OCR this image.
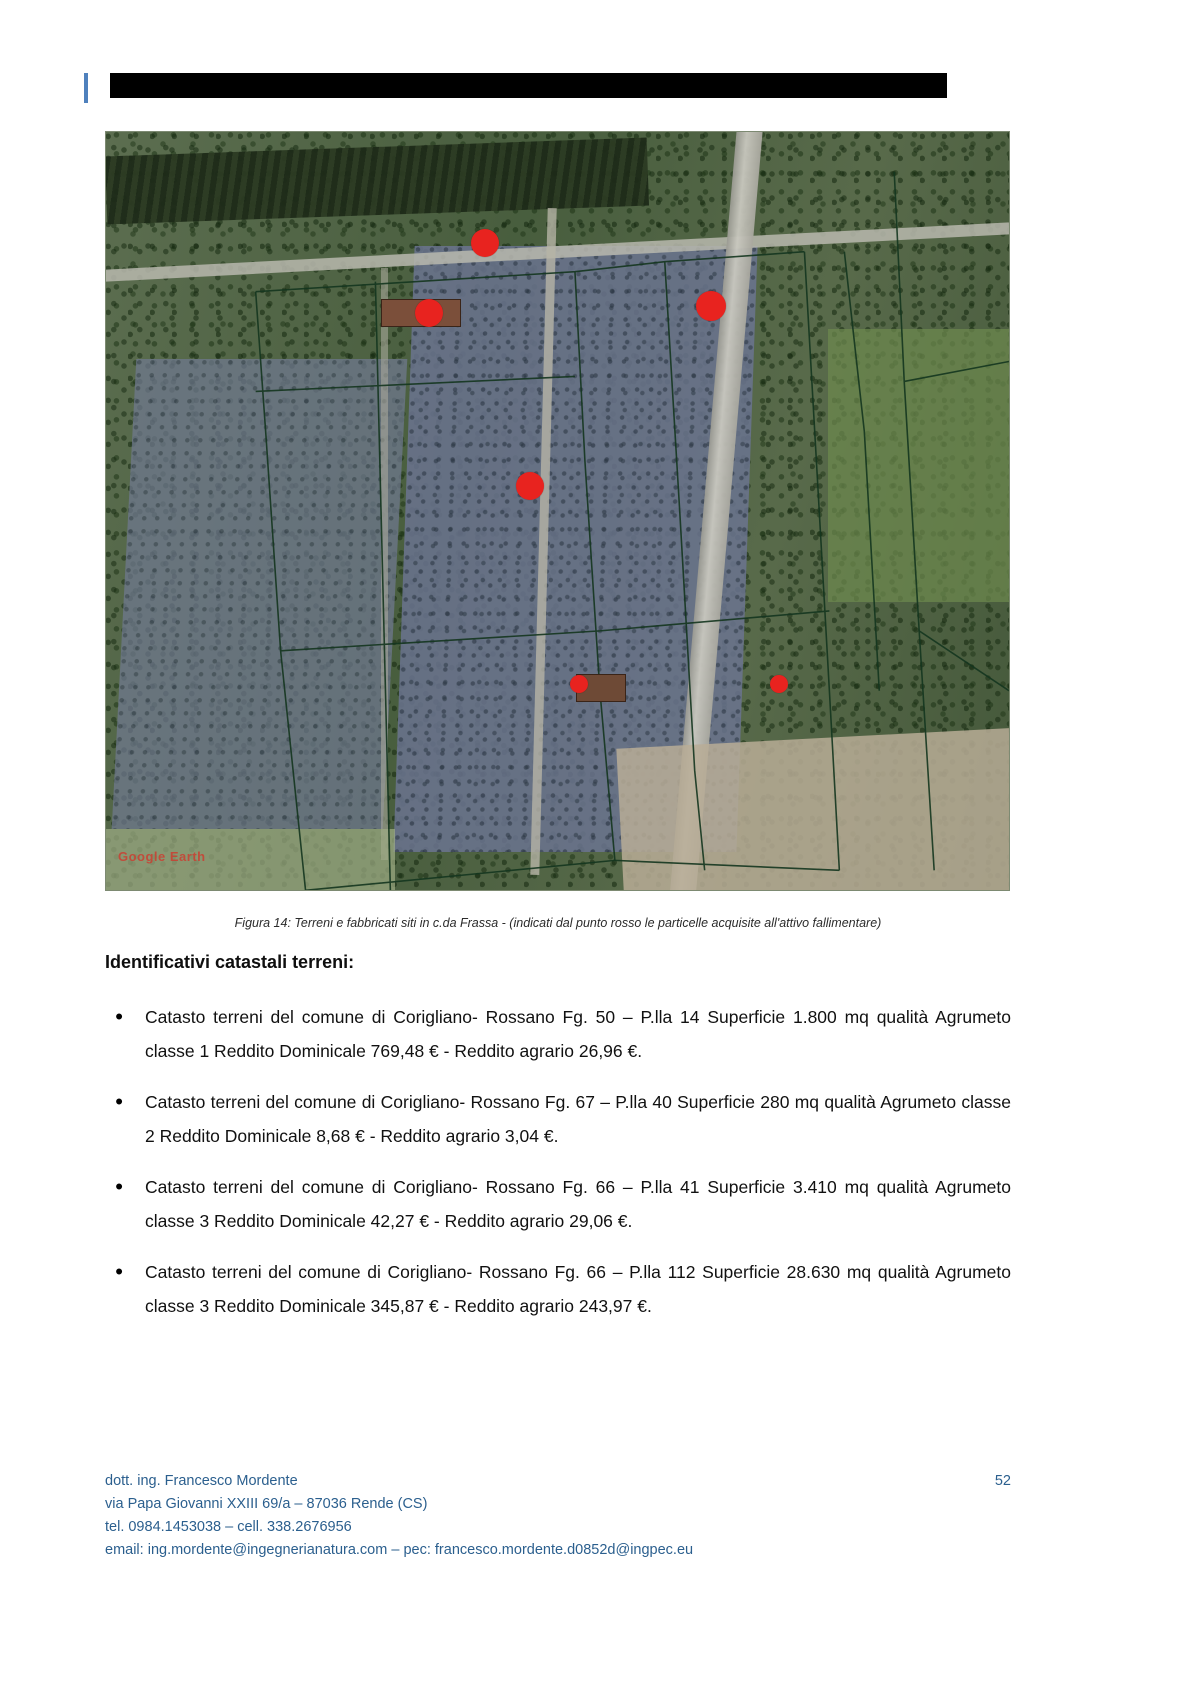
Google Earth
Figura 14: Terreni e fabbricati siti in c.da Frassa - (indicati dal punto rosso le particelle acquisite all'attivo fallimentare)
Identificativi catastali terreni:
•	Catasto terreni del comune di Corigliano- Rossano Fg. 50 – P.lla 14 Superficie 1.800 mq qualità Agrumeto classe 1 Reddito Dominicale 769,48 € - Reddito agrario 26,96 €.
•	Catasto terreni del comune di Corigliano- Rossano Fg. 67 – P.lla 40 Superficie 280 mq qualità Agrumeto classe 2 Reddito Dominicale 8,68 € - Reddito agrario 3,04 €.
•	Catasto terreni del comune di Corigliano- Rossano Fg. 66 – P.lla 41 Superficie 3.410 mq qualità Agrumeto classe 3 Reddito Dominicale 42,27 € - Reddito agrario 29,06 €.
•	Catasto terreni del comune di Corigliano- Rossano Fg. 66 – P.lla 112 Superficie 28.630 mq qualità Agrumeto classe 3 Reddito Dominicale 345,87 € - Reddito agrario 243,97 €.
dott. ing. Francesco Mordente	52
via Papa Giovanni XXIII 69/a – 87036 Rende (CS)
tel. 0984.1453038 – cell. 338.2676956
email: ing.mordente@ingegnerianatura.com – pec: francesco.mordente.d0852d@ingpec.eu
